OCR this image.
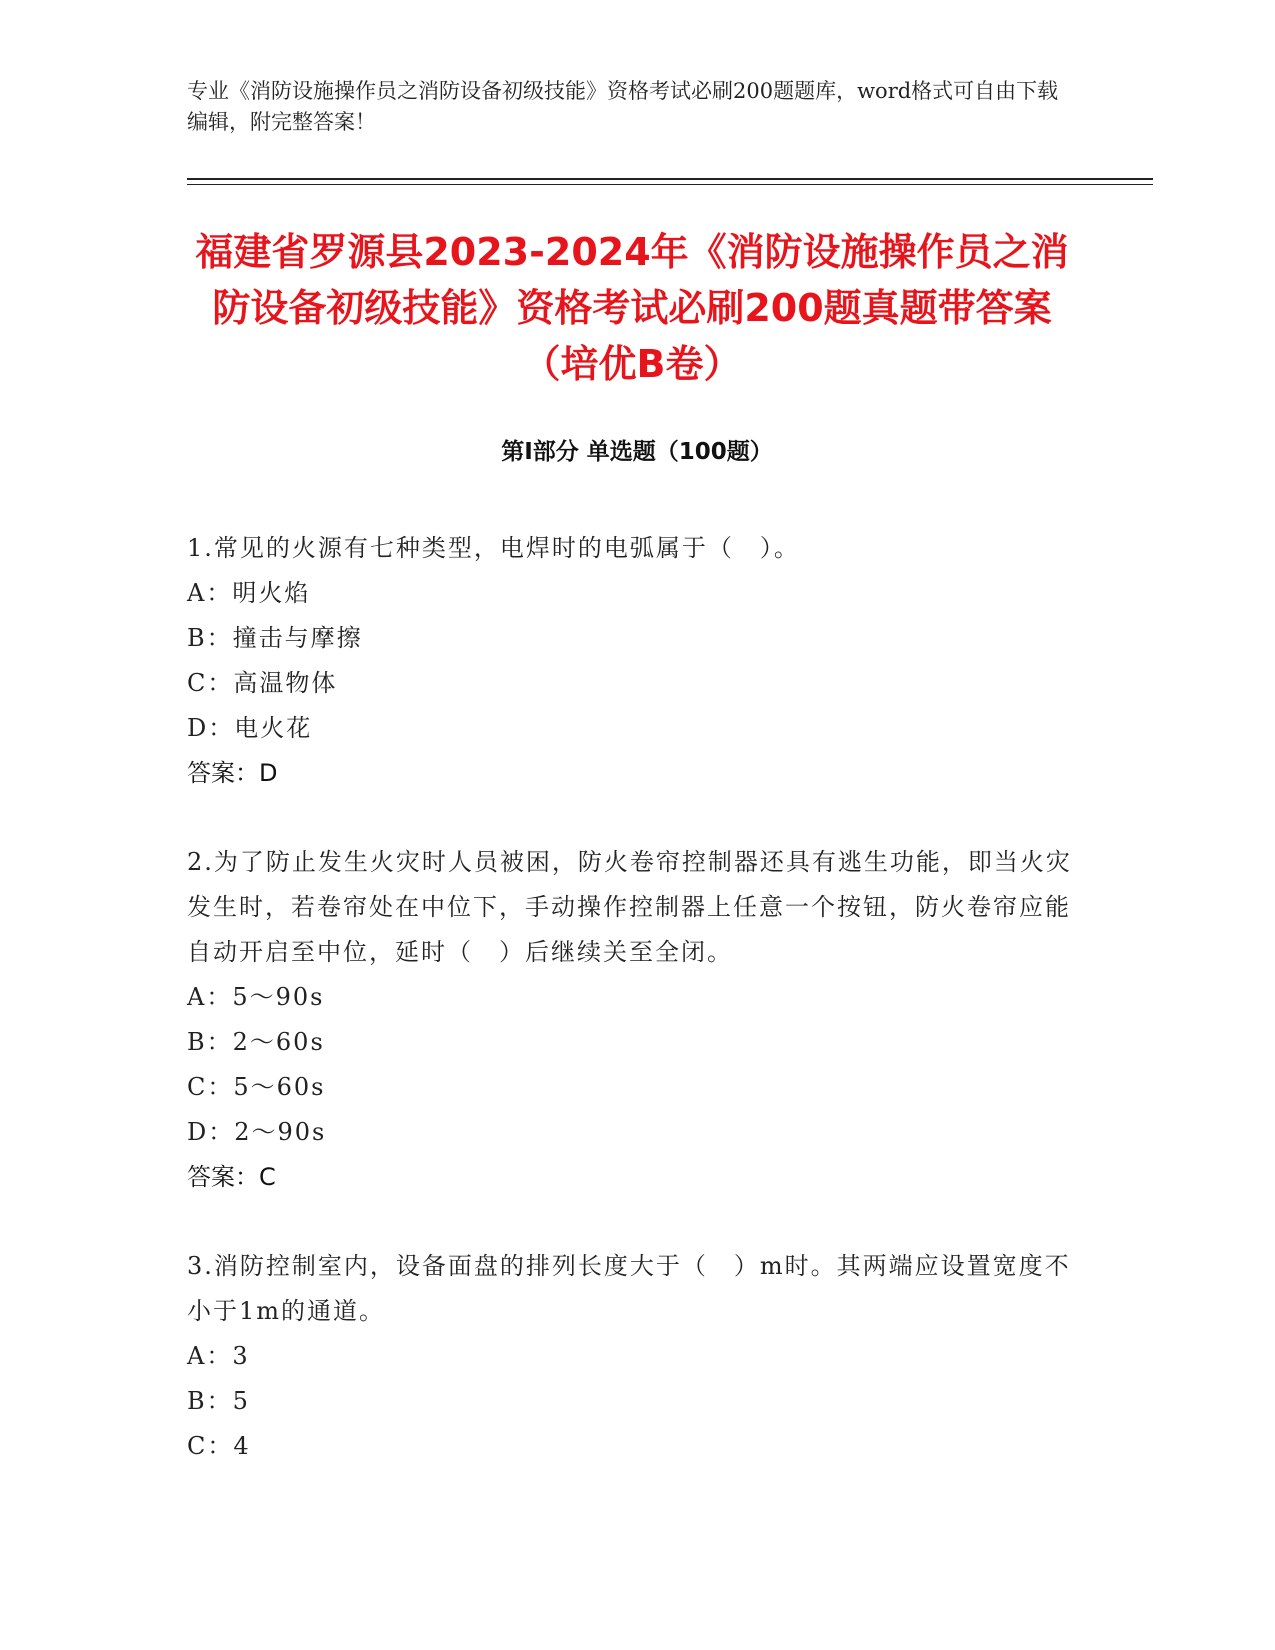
专业《消防设施操作员之消防设备初级技能》资格考试必刷200题题库，word格式可自由下载编辑，附完整答案！
福建省罗源县2023-2024年《消防设施操作员之消防设备初级技能》资格考试必刷200题真题带答案（培优B卷）
第Ⅰ部分 单选题（100题）
1.常见的火源有七种类型，电焊时的电弧属于（　）。
A：明火焰
B：撞击与摩擦
C：高温物体
D：电火花
答案：D
2.为了防止发生火灾时人员被困，防火卷帘控制器还具有逃生功能，即当火灾发生时，若卷帘处在中位下，手动操作控制器上任意一个按钮，防火卷帘应能自动开启至中位，延时（　）后继续关至全闭。
A：5～90s
B：2～60s
C：5～60s
D：2～90s
答案：C
3.消防控制室内，设备面盘的排列长度大于（　）m时。其两端应设置宽度不小于1m的通道。
A：3
B：5
C：4
